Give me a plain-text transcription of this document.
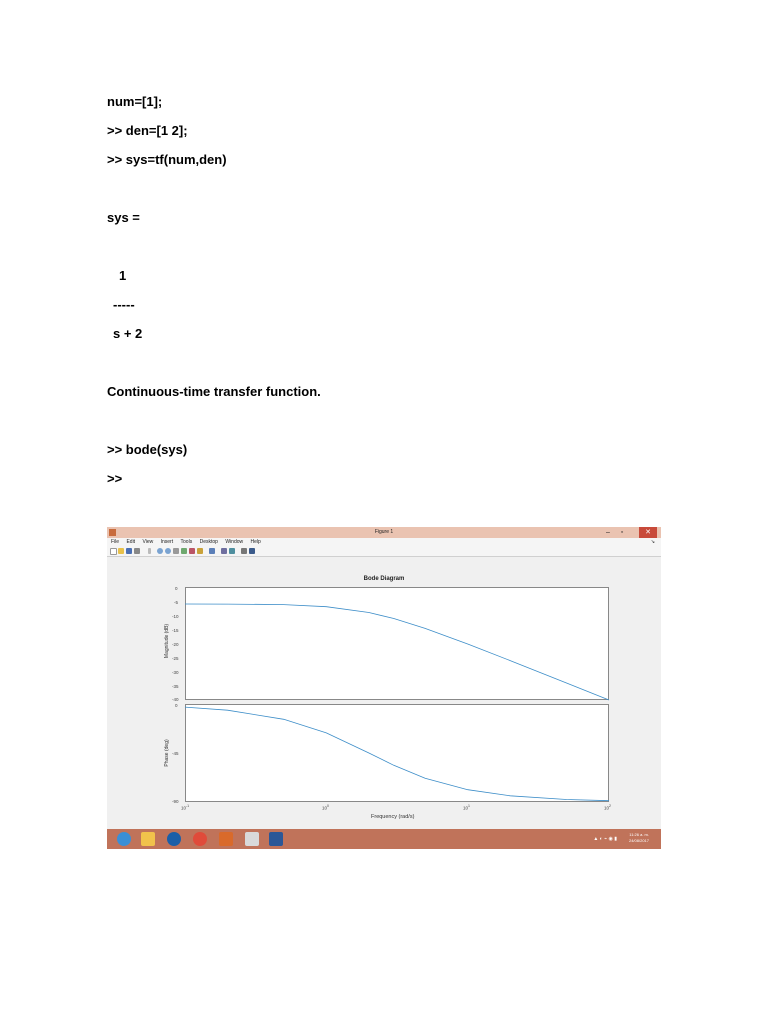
num=[1];
>> den=[1 2];
>> sys=tf(num,den)
sys =
1
-----
s + 2
Continuous-time transfer function.
>> bode(sys)
>>
Figure 1	–	▫	✕
File Edit View Insert Tools Desktop Window Help	↘
Bode Diagram
Magnitude (dB)
Phase (deg)
0
-5
-10
-15
-20
-25
-30
-35
-40
0
-45
-90
$10^{-1}$	$10^0$	$10^1$	$10^2$
Frequency (rad/s)
▲ ◐ ⌁ ◉ ▮
11:26 a. m.
24/08/2017
